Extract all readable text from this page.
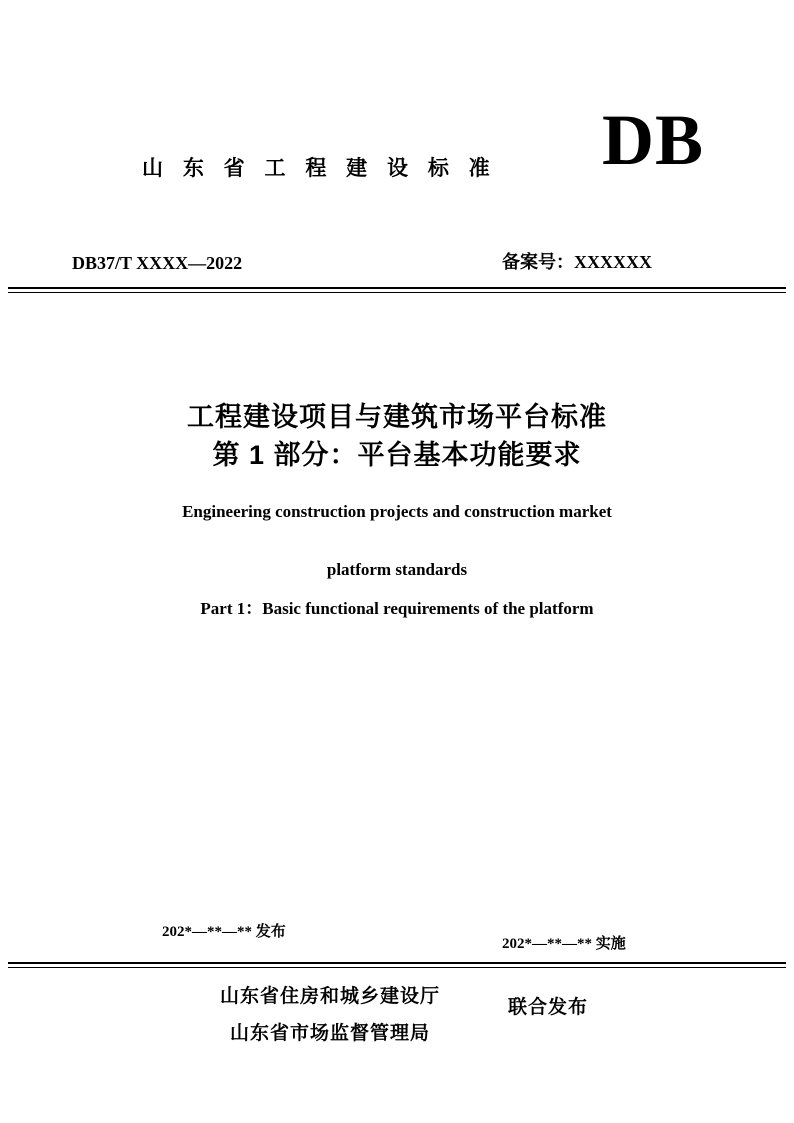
山 东 省 工 程 建 设 标 准 DB
DB37/T XXXX—2022	备案号：XXXXXX
工程建设项目与建筑市场平台标准
第 1 部分：平台基本功能要求
Engineering construction projects and construction market
platform standards
Part 1：Basic functional requirements of the platform
202*—**—** 发布
202*—**—** 实施
山东省住房和城乡建设厅
山东省市场监督管理局
联合发布
